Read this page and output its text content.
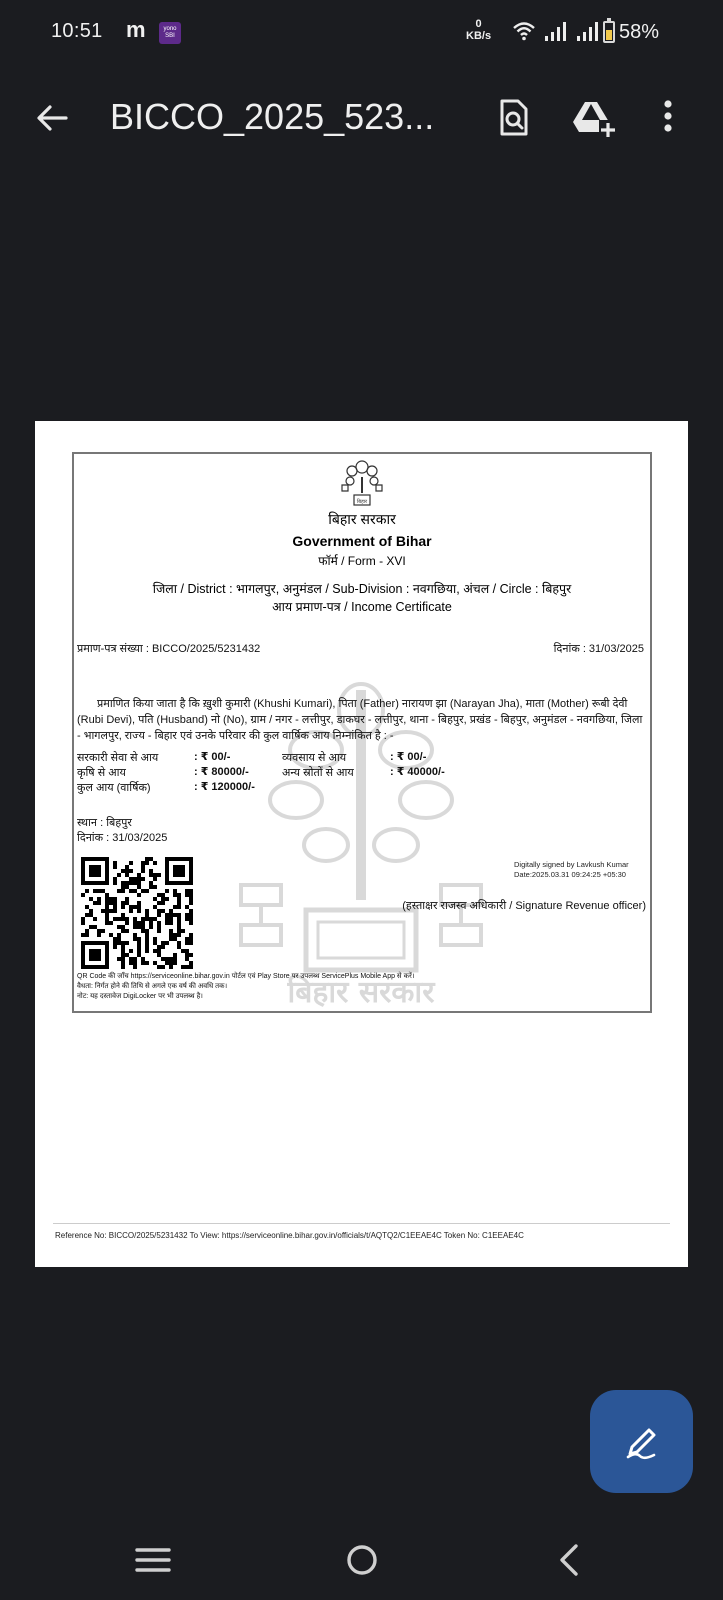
10:51 m	yono
SBI
0
KB/s	58%
BICCO_2025_523...
बिहार
बिहार सरकार
बिहार सरकार
Government of Bihar
फॉर्म / Form - XVI
जिला / District : भागलपुर, अनुमंडल / Sub-Division : नवगछिया, अंचल / Circle : बिहपुर
आय प्रमाण-पत्र / Income Certificate
प्रमाण-पत्र संख्या : BICCO/2025/5231432	दिनांक : 31/03/2025
प्रमाणित किया जाता है कि ख़ुशी कुमारी (Khushi Kumari), पिता (Father) नारायण झा (Narayan Jha), माता (Mother) रूबी देवी (Rubi Devi), पति (Husband) नो (No), ग्राम / नगर - लत्तीपुर, डाकघर - लत्तीपुर, थाना - बिहपुर, प्रखंड - बिहपुर, अनुमंडल - नवगछिया, जिला - भागलपुर, राज्य - बिहार एवं उनके परिवार की कुल वार्षिक आय निम्नांकित है : -
सरकारी सेवा से आय	: ₹ 00/-	व्यवसाय से आय	: ₹ 00/-
कृषि से आय	: ₹ 80000/-	अन्य स्रोतों से आय	: ₹ 40000/-
कुल आय (वार्षिक)	: ₹ 120000/-
स्थान : बिहपुर
दिनांक : 31/03/2025
Digitally signed by Lavkush Kumar
Date:2025.03.31 09:24:25 +05:30
(हस्ताक्षर राजस्व अधिकारी / Signature Revenue officer)
QR Code की जाँच https://serviceonline.bihar.gov.in पोर्टल एवं Play Store पर उपलब्ध ServicePlus Mobile App से करें।
वैधता: निर्गत होने की तिथि से अगले एक वर्ष की अवधि तक।
नोट: यह दस्तावेज DigiLocker पर भी उपलब्ध है।
Reference No: BICCO/2025/5231432 To View: https://serviceonline.bihar.gov.in/officials/t/AQTQ2/C1EEAE4C Token No: C1EEAE4C
